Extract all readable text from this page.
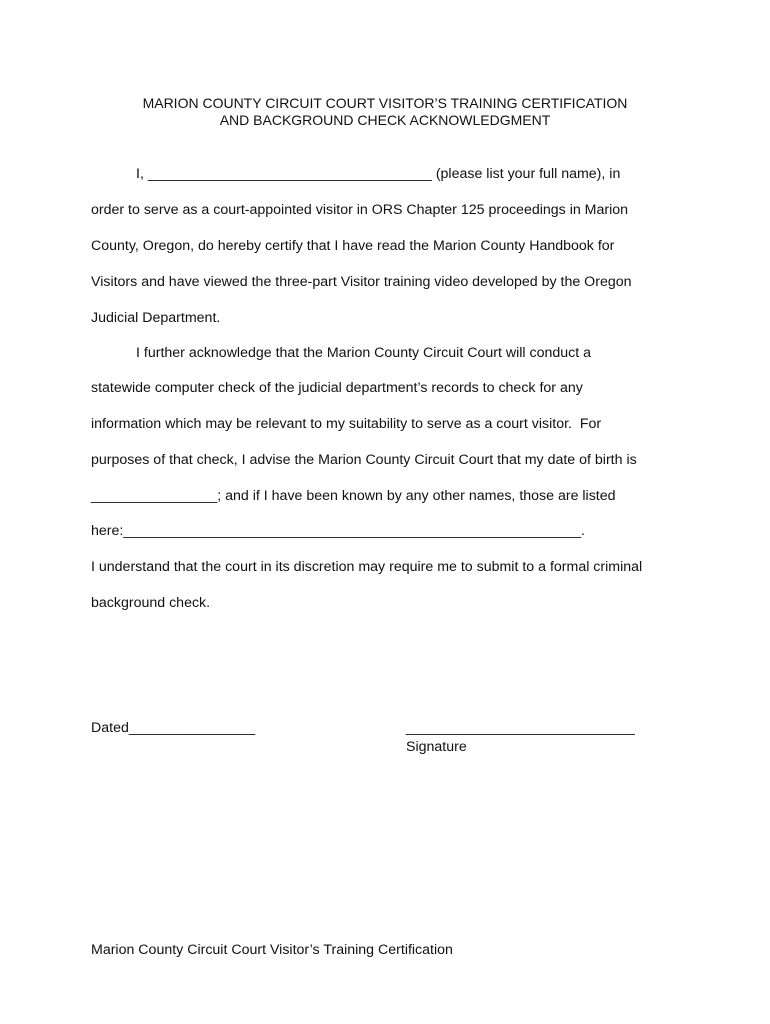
MARION COUNTY CIRCUIT COURT VISITOR’S TRAINING CERTIFICATION
AND BACKGROUND CHECK ACKNOWLEDGMENT
I, ____________________________________ (please list your full name), in
order to serve as a court-appointed visitor in ORS Chapter 125 proceedings in Marion
County, Oregon, do hereby certify that I have read the Marion County Handbook for
Visitors and have viewed the three-part Visitor training video developed by the Oregon
Judicial Department.
I further acknowledge that the Marion County Circuit Court will conduct a
statewide computer check of the judicial department’s records to check for any
information which may be relevant to my suitability to serve as a court visitor.  For
purposes of that check, I advise the Marion County Circuit Court that my date of birth is
________________; and if I have been known by any other names, those are listed
here:__________________________________________________________.
I understand that the court in its discretion may require me to submit to a formal criminal
background check.
Dated________________	_____________________________
Signature
Marion County Circuit Court Visitor’s Training Certification
